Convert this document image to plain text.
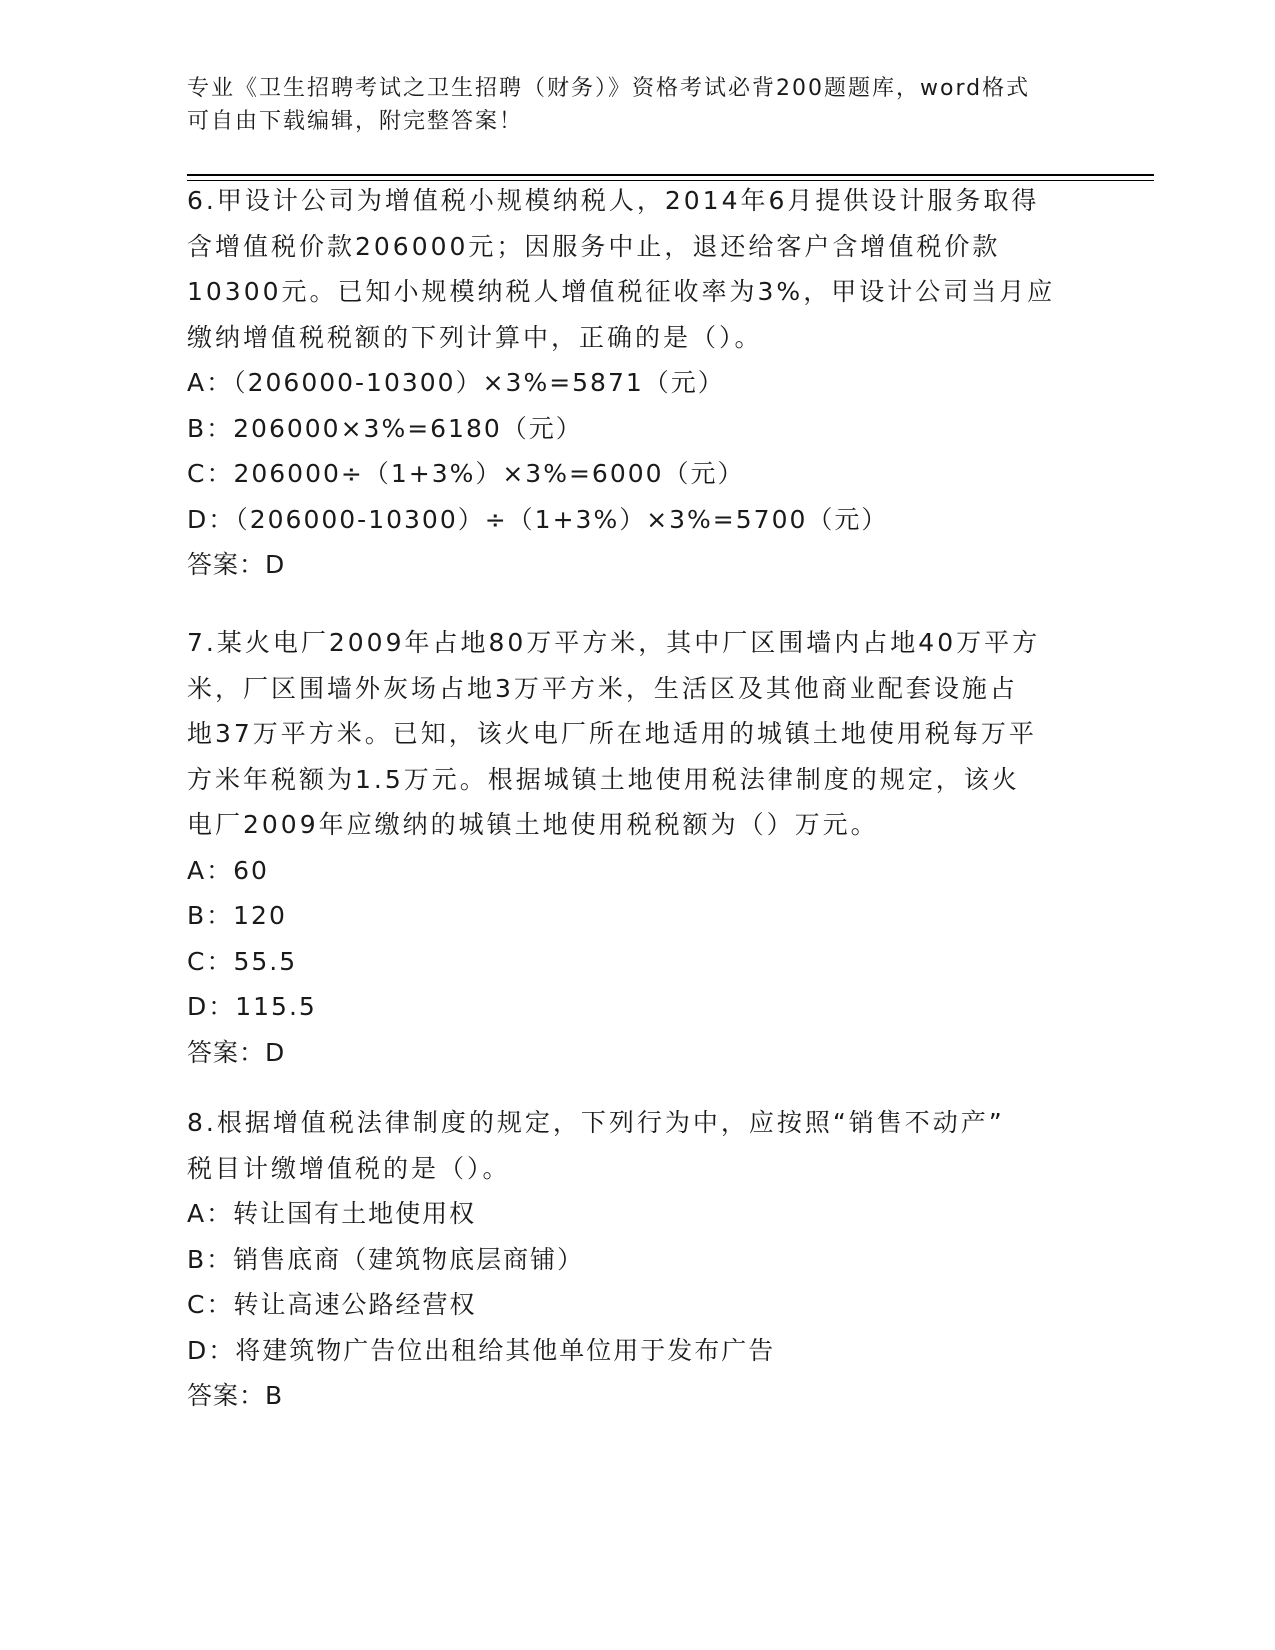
专业《卫生招聘考试之卫生招聘（财务）》资格考试必背200题题库，word格式
可自由下载编辑，附完整答案！

6.甲设计公司为增值税小规模纳税人，2014年6月提供设计服务取得

含增值税价款206000元；因服务中止，退还给客户含增值税价款

10300元。已知小规模纳税人增值税征收率为3%，甲设计公司当月应

缴纳增值税税额的下列计算中，正确的是（）。

A：（206000-10300）×3%=5871（元）

B：206000×3%=6180（元）

C：206000÷（1+3%）×3%=6000（元）

D：（206000-10300）÷（1+3%）×3%=5700（元）

答案：D

7.某火电厂2009年占地80万平方米，其中厂区围墙内占地40万平方

米，厂区围墙外灰场占地3万平方米，生活区及其他商业配套设施占

地37万平方米。已知，该火电厂所在地适用的城镇土地使用税每万平

方米年税额为1.5万元。根据城镇土地使用税法律制度的规定，该火

电厂2009年应缴纳的城镇土地使用税税额为（）万元。

A：60

B：120

C：55.5

D：115.5

答案：D

8.根据增值税法律制度的规定，下列行为中，应按照“销售不动产”

税目计缴增值税的是（）。

A：转让国有土地使用权

B：销售底商（建筑物底层商铺）

C：转让高速公路经营权

D：将建筑物广告位出租给其他单位用于发布广告

答案：B
